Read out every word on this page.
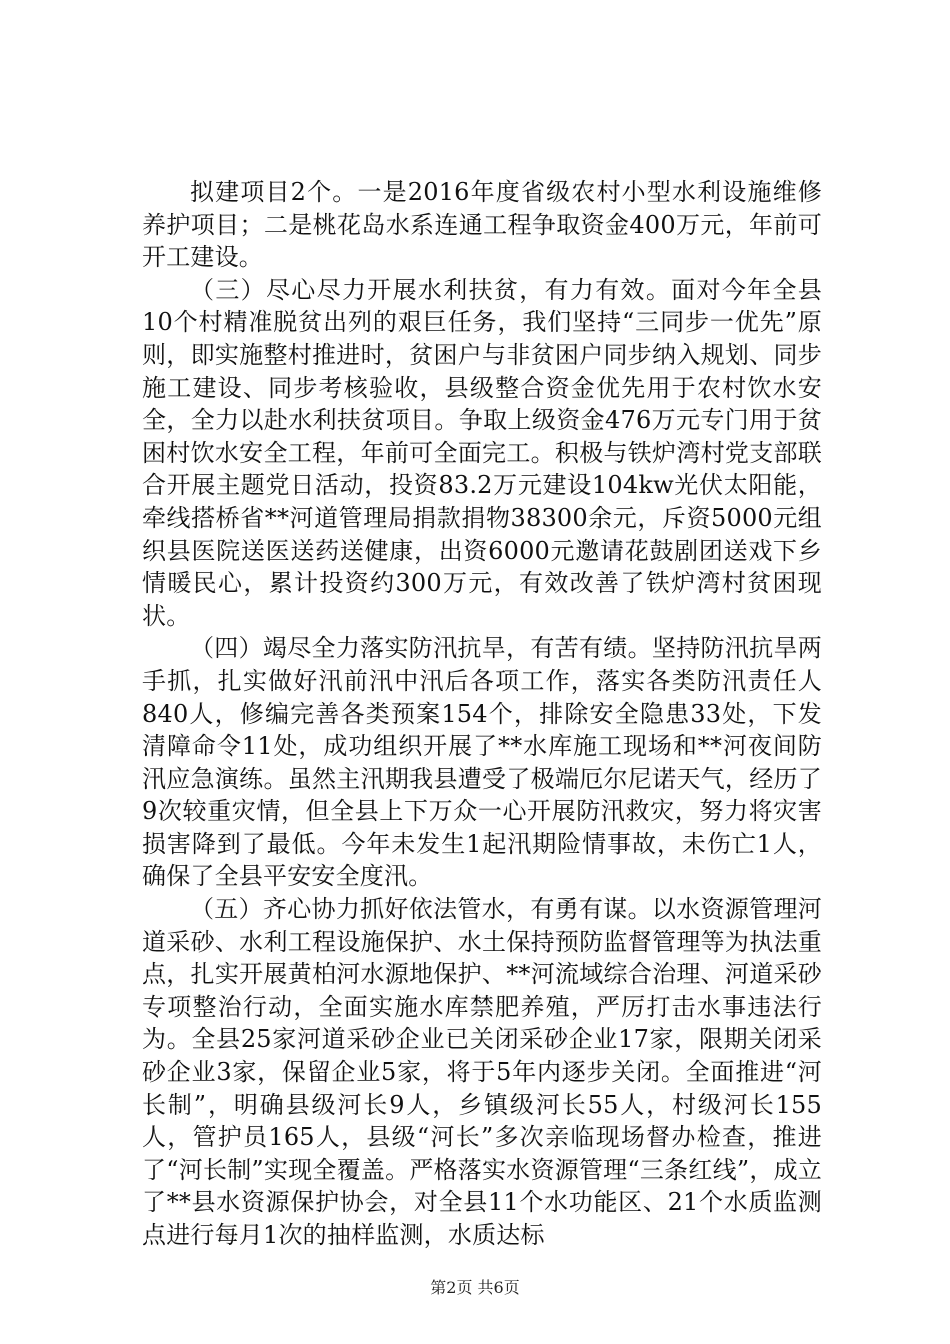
拟建项目2个。一是2016年度省级农村小型水利设施维修养护项目；二是桃花岛水系连通工程争取资金400万元，年前可开工建设。

（三）尽心尽力开展水利扶贫，有力有效。面对今年全县10个村精准脱贫出列的艰巨任务，我们坚持“三同步一优先”原则，即实施整村推进时，贫困户与非贫困户同步纳入规划、同步施工建设、同步考核验收，县级整合资金优先用于农村饮水安全，全力以赴水利扶贫项目。争取上级资金476万元专门用于贫困村饮水安全工程，年前可全面完工。积极与铁炉湾村党支部联合开展主题党日活动，投资83.2万元建设104kw光伏太阳能，牵线搭桥省**河道管理局捐款捐物38300余元，斥资5000元组织县医院送医送药送健康，出资6000元邀请花鼓剧团送戏下乡情暖民心，累计投资约300万元，有效改善了铁炉湾村贫困现状。

（四）竭尽全力落实防汛抗旱，有苦有绩。坚持防汛抗旱两手抓，扎实做好汛前汛中汛后各项工作，落实各类防汛责任人840人，修编完善各类预案154个，排除安全隐患33处，下发清障命令11处，成功组织开展了**水库施工现场和**河夜间防汛应急演练。虽然主汛期我县遭受了极端厄尔尼诺天气，经历了9次较重灾情，但全县上下万众一心开展防汛救灾，努力将灾害损害降到了最低。今年未发生1起汛期险情事故，未伤亡1人，确保了全县平安安全度汛。

（五）齐心协力抓好依法管水，有勇有谋。以水资源管理河道采砂、水利工程设施保护、水土保持预防监督管理等为执法重点，扎实开展黄柏河水源地保护、**河流域综合治理、河道采砂专项整治行动，全面实施水库禁肥养殖，严厉打击水事违法行为。全县25家河道采砂企业已关闭采砂企业17家，限期关闭采砂企业3家，保留企业5家，将于5年内逐步关闭。全面推进“河长制”，明确县级河长9人，乡镇级河长55人，村级河长155人，管护员165人，县级“河长”多次亲临现场督办检查，推进了“河长制”实现全覆盖。严格落实水资源管理“三条红线”，成立了**县水资源保护协会，对全县11个水功能区、21个水质监测点进行每月1次的抽样监测，水质达标

第2页 共6页
